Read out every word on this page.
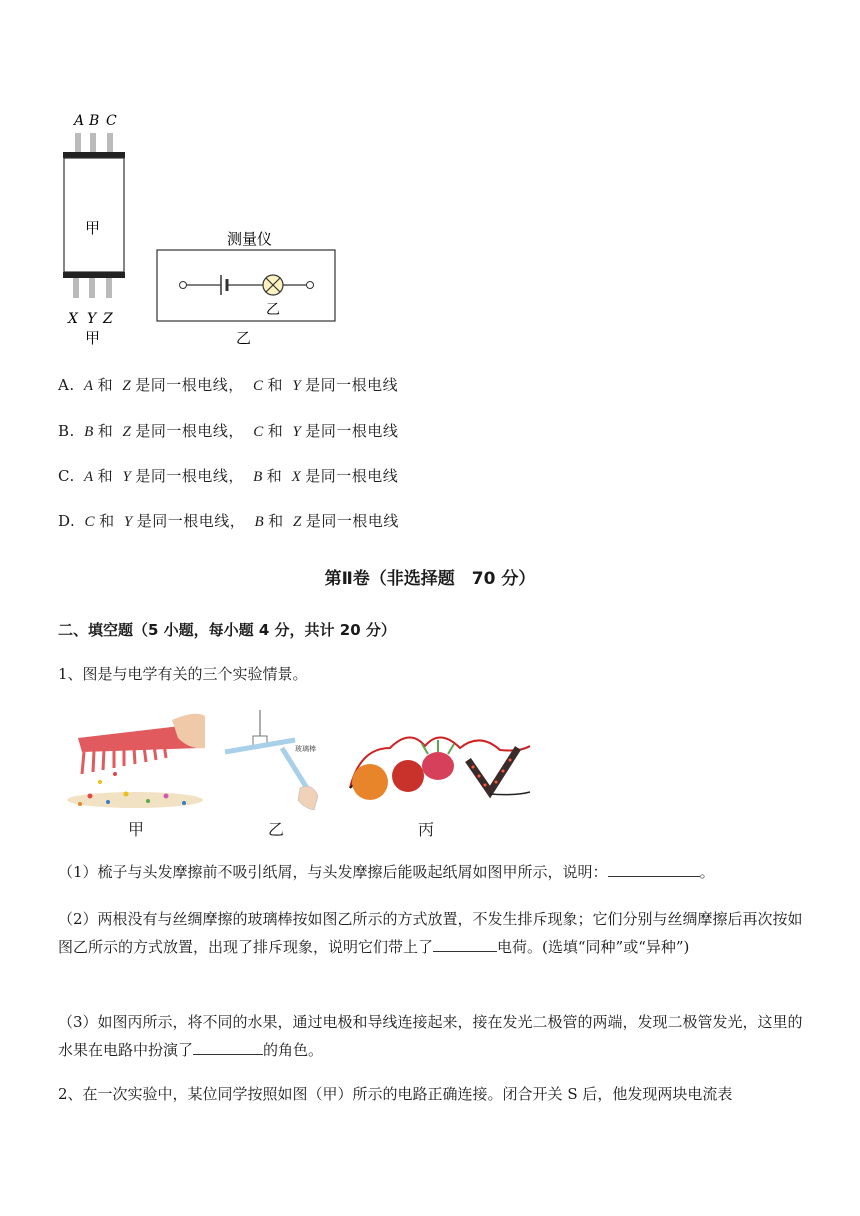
A B C
甲
X Y Z
甲
测量仪
乙
乙
A. A 和 Z 是同一根电线， C 和 Y 是同一根电线
B. B 和 Z 是同一根电线， C 和 Y 是同一根电线
C. A 和 Y 是同一根电线， B 和 X 是同一根电线
D. C 和 Y 是同一根电线， B 和 Z 是同一根电线
第Ⅱ卷（非选择题　70 分）
二、填空题（5 小题，每小题 4 分，共计 20 分）
1、图是与电学有关的三个实验情景。
玻璃棒
甲	乙	丙
（1）梳子与头发摩擦前不吸引纸屑，与头发摩擦后能吸起纸屑如图甲所示，说明：	。
（2）两根没有与丝绸摩擦的玻璃棒按如图乙所示的方式放置，不发生排斥现象；它们分别与丝绸摩擦后再次按如图乙所示的方式放置，出现了排斥现象，说明它们带上了	电荷。(选填“同种”或“异种”)
（3）如图丙所示，将不同的水果，通过电极和导线连接起来，接在发光二极管的两端，发现二极管发光，这里的水果在电路中扮演了	的角色。
2、在一次实验中，某位同学按照如图（甲）所示的电路正确连接。闭合开关 S 后，他发现两块电流表
